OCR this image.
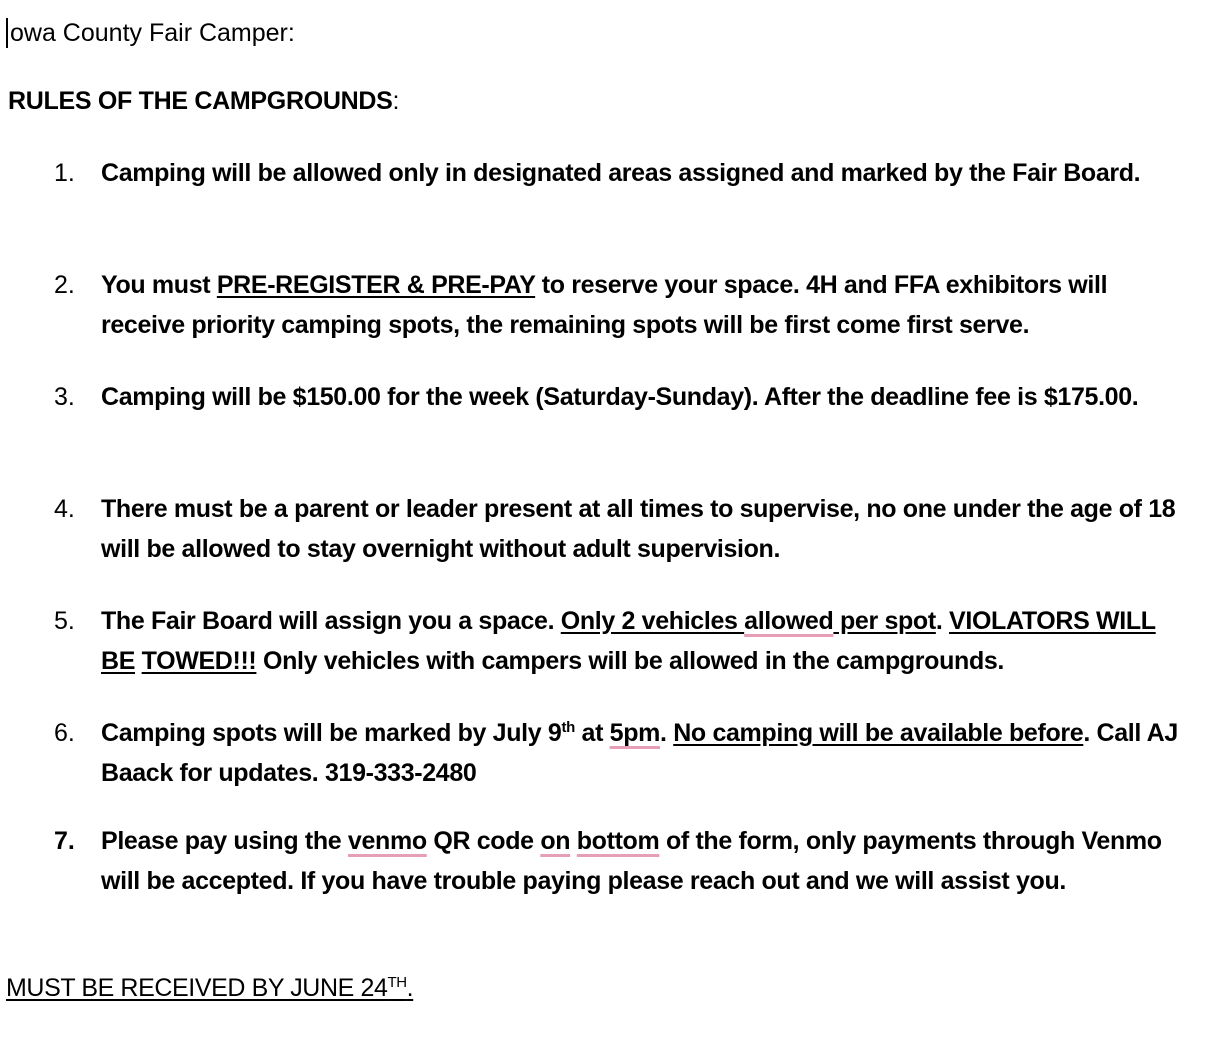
owa County Fair Camper:
RULES OF THE CAMPGROUNDS:
1.	Camping will be allowed only in designated areas assigned and marked by the Fair Board.
2.	You must PRE-REGISTER & PRE-PAY to reserve your space. 4H and FFA exhibitors will receive priority camping spots, the remaining spots will be first come first serve.
3.	Camping will be $150.00 for the week (Saturday-Sunday). After the deadline fee is $175.00.
4.	There must be a parent or leader present at all times to supervise, no one under the age of 18 will be allowed to stay overnight without adult supervision.
5.	The Fair Board will assign you a space. Only 2 vehicles allowed per spot. VIOLATORS WILL BE TOWED!!! Only vehicles with campers will be allowed in the campgrounds.
6.	Camping spots will be marked by July 9th at 5pm. No camping will be available before. Call AJ Baack for updates. 319-333-2480
7.	Please pay using the venmo QR code on bottom of the form, only payments through Venmo will be accepted. If you have trouble paying please reach out and we will assist you.
MUST BE RECEIVED BY JUNE 24TH.
